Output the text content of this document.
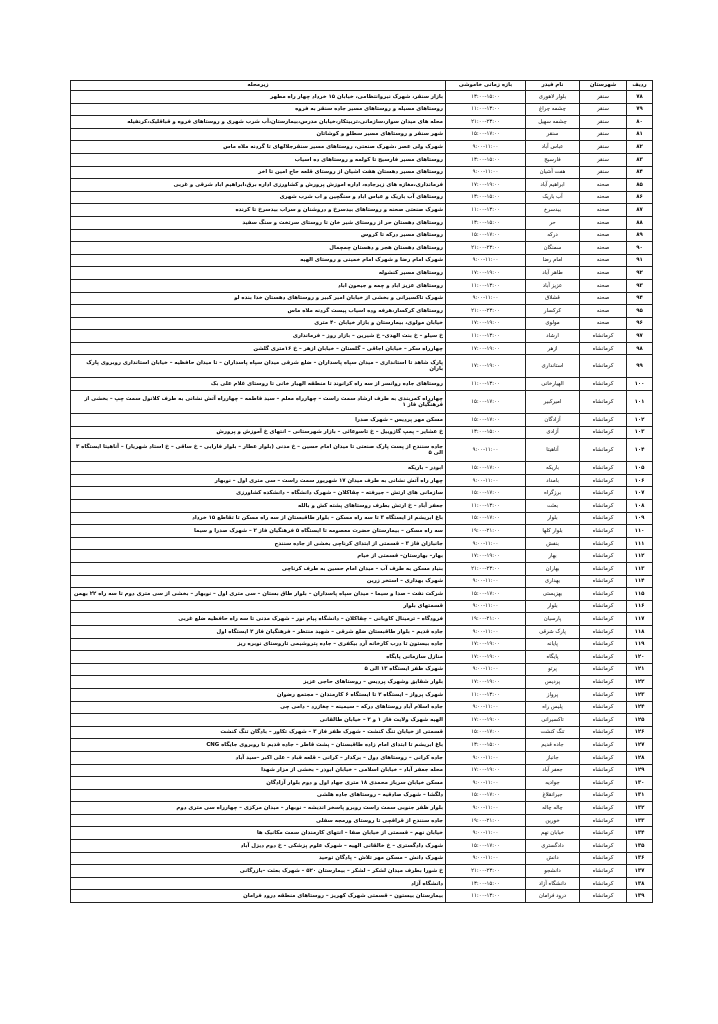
ردیف	شهرستان	نام فیدر	بازه زمانی خاموشی	زیرمحله
۷۸	سنقر	بلوار لاهوری	۱۳:۰۰-۱۵:۰۰	بازار سنقر، شهرک نیروانتظامی، خیابان ۱۵ خرداد چهار راه مطهر
۷۹	سنقر	چشمه چراغ	۱۱:۰۰-۱۳:۰۰	روستاهای مسیله و روستاهای مسیر جاده سنقر به فروه
۸۰	سنقر	چشمه سهیل	۲۱:۰۰-۲۳:۰۰	محله های میدان سوار،سازمانی،تربیتکار،خیابان مدرس،بیمارستان،آب شرب شهری و روستاهای فروه و قباقلیک،کرنفیله
۸۱	سنقر	سنقر	۱۵:۰۰-۱۷:۰۰	شهر سنقر و روستاهای مسیر سطلو و کوشاتان
۸۲	سنقر	عباس آباد	۹:۰۰-۱۱:۰۰	شهرک ولی عصر ،شهرک صنعتی، روستاهای مسیر سنقرجلالهای تا گردنه ملاه ماس
۸۳	سنقر	فارسیج	۱۳:۰۰-۱۵:۰۰	روستاهای مسیر فارسیج تا کولمه و روستاهای ده اسیاب
۸۴	سنقر	هفت آشیان	۹:۰۰-۱۱:۰۰	روستاهای مسیر دهستان هفت اشیان از روستای قلعه حاج امین تا اخر
۸۵	صحنه	ابراهیم آباد	۱۷:۰۰-۱۹:۰۰	فرمانداری،مغازه های زیرجاده، اداره اموزش پرورش و کشاورزی اداره برق،ابراهیم اباد شرقی و غربی
۸۶	صحنه	آب باریک	۱۳:۰۰-۱۵:۰۰	روستاهای آب باریک و عباس اباد و سنگچین و اب شرب شهری
۸۷	صحنه	بیدسرخ	۱۱:۰۰-۱۳:۰۰	شهرک صنعتی صحنه و روستاهای بیدسرخ و دروشنان و سراب بیدسرخ تا کرنده
۸۸	صحنه	حر	۱۳:۰۰-۱۵:۰۰	روستاهای دهستان حر از روستای شیر خان تا روستای سرتخت و سنگ سفید
۸۹	صحنه	درکه	۱۵:۰۰-۱۷:۰۰	روستاهای مسیر درکه تا کروس
۹۰	صحنه	سمنگان	۲۱:۰۰-۲۳:۰۰	روستاهای دهستان هجر و دهستان چمچمال
۹۱	صحنه	امام رضا	۹:۰۰-۱۱:۰۰	شهرک امام رضا و شهرک امام خمینی و روستای الهیه
۹۲	صحنه	طاهر آباد	۱۷:۰۰-۱۹:۰۰	روستاهای مسیر کنشوله
۹۳	صحنه	عزیز آباد	۱۱:۰۰-۱۳:۰۰	روستاهای عزیز اباد و چمه و جیحون اباد
۹۴	صحنه	قشلاق	۹:۰۰-۱۱:۰۰	شهرک تاکسیرانی و بخشی از خیابان امیر کبیر و روستاهای دهستان خدا بنده لو
۹۵	صحنه	کرکسار	۲۱:۰۰-۲۳:۰۰	روستاهای کرکسار،هرفه وده اسیاب پیست گردنه ملاه ماس
۹۶	صحنه	مولوی	۱۷:۰۰-۱۹:۰۰	خیابان مولوی، بیمارستان و بازار خیابان ۴۰ متری
۹۷	کرمانشاه	ارشاد	۱۱:۰۰-۱۳:۰۰	خ سیلو – خ بنت الهدی– خ شیرین – بازار روز – فرمانداری
۹۸	کرمانشاه	ازهر	۱۷:۰۰-۱۹:۰۰	چهارراه سکر – خیابان اجاقی – گلستان – خیابان ازهر – خ ۱۶متری گلشن
۹۹	کرمانشاه	استانداری	۱۷:۰۰-۱۹:۰۰	پارک شاهد تا استانداری – میدان سپاه پاسداران – ضلع شرقی میدان سپاه پاسداران – تا میدان حافظیه – خیابان استانداری روبروی پارک باران
۱۰۰	کرمانشاه	الهیارخانی	۱۱:۰۰-۱۳:۰۰	روستاهای جاده روانسر از سه راه کرانوند تا منطقه الهیار خانی تا روستای غلام علی بک
۱۰۱	کرمانشاه	امیرکبیر	۱۵:۰۰-۱۷:۰۰	چهارراه کمربندی به طرف ارشاد سمت راست – چهارراه معلم – سید فاطمه – چهارراه آتش نشانی به طرف کلانول سمت چپ – بخشی از فرهنگیان فاز ۱
۱۰۲	کرمانشاه	آزادگان	۱۵:۰۰-۱۷:۰۰	مسکن مهر پردیس – شهرک صدرا
۱۰۳	کرمانشاه	آزادی	۱۳:۰۰-۱۵:۰۰	خ عشایر – پمپ گازوییل – خ تاسوعائی – بازار شهرستانی – انتهای خ آموزش و پرورش
۱۰۴	کرمانشاه	آناهیتا	۹:۰۰-۱۱:۰۰	جاده سنندج از پست پارک صنعتی تا میدان امام حسین – خ مدنی (بلوار عطار – بلوار فارابی – خ ساقی – خ استاد شهریار) – آناهیتا ایستگاه ۳ الی ۵
۱۰۵	کرمانشاه	باریکه	۱۵:۰۰-۱۷:۰۰	ابوذر – باریکه
۱۰۶	کرمانشاه	بامداد	۹:۰۰-۱۱:۰۰	چهار راه آتش نشانی به طرف میدان ۱۷ شهریور سمت راست – سی متری اول – نوبهار
۱۰۷	کرمانشاه	برزگراه	۱۵:۰۰-۱۷:۰۰	سازمانی های ارتش – جیرفته – چقاکلان – شهرک دانشگاه – دانشکده کشاورزی
۱۰۸	کرمانشاه	بعثت	۱۱:۰۰-۱۳:۰۰	جعفر آباد – خ ارتش بطرف روستاهای پشته کش و بالله
۱۰۹	کرمانشاه	بلوار	۱۵:۰۰-۱۷:۰۰	باغ ابریشم از ایستگاه ۳ تا سه راه مسکن – بلوار طاقبستان از سه راه مسکن تا تقاطع ۱۵ خرداد
۱۱۰	کرمانشاه	بلوار کلها	۱۹:۰۰-۲۱:۰۰	سه راه مسکن – بیمارستان حضرت معصومه تا ایستگاه ۵ فرهنگیان فاز ۲ – شهرک صدرا و سیما
۱۱۱	کرمانشاه	بنفش	۹:۰۰-۱۱:۰۰	جانبازان فاز ۳ – قسمتی از ابتدای کرناچی بخشی از جاده سنندج
۱۱۲	کرمانشاه	بهار	۱۷:۰۰-۱۹:۰۰	بهار– بهارستان– قسمتی از خیام
۱۱۳	کرمانشاه	بهاران	۲۱:۰۰-۲۳:۰۰	بنیاد مسکن به طرف آب – میدان امام حسین به طرف کرناچی
۱۱۴	کرمانشاه	بهداری	۹:۰۰-۱۱:۰۰	شهرک بهداری – استخر زرین
۱۱۵	کرمانشاه	بهزیستی	۱۵:۰۰-۱۷:۰۰	شرکت نفت – صدا و سیما – میدان سپاه پاسداران – بلوار طاق بستان – سی متری اول – نوبهار – بخشی از سی متری دوم تا سه راه ۲۲ بهمن
۱۱۶	کرمانشاه	بلوار	۹:۰۰-۱۱:۰۰	قسمتهای بلوار
۱۱۷	کرمانشاه	پارسیان	۱۹:۰۰-۲۱:۰۰	فرودگاه – ترمینال کاوبانی – چقاکلان – دانشگاه پیام نور – شهرک مدنی تا سه راه حافظیه ضلع غربی
۱۱۸	کرمانشاه	پارک شرقی	۹:۰۰-۱۱:۰۰	جاده قدیم – بلوار طاقبستان ضلع شرقی – شهید منتظر – فرهنگیان فاز ۲ ایستگاه اول
۱۱۹	کرمانشاه	پایانه	۱۷:۰۰-۱۹:۰۰	جاده بیستون تا درب کارخانه آرد بیکفری – جاده پتروشیمی تاروستای نوبره ریز
۱۲۰	کرمانشاه	پایگاه	۱۷:۰۰-۱۹:۰۰	منازل سازمانی پایگاه
۱۲۱	کرمانشاه	پرتو	۹:۰۰-۱۱:۰۰	شهرک ظفر ایستگاه ۱۳ الی ۵
۱۲۲	کرمانشاه	پردیس	۱۷:۰۰-۱۹:۰۰	بلوار شقایق وشهرک پردیس – روستاهای حاجی عزیز
۱۲۳	کرمانشاه	پرواز	۱۱:۰۰-۱۳:۰۰	شهرک پرواز – ایستگاه ۲ تا ایستگاه ۶ کارمندان – مجتمع رضوان
۱۲۴	کرمانشاه	پلیس راه	۹:۰۰-۱۱:۰۰	جاده اسلام آباد روستاهای درکه – سیمینه – چغازرد – دامی چی
۱۲۵	کرمانشاه	تاکسیرانی	۱۷:۰۰-۱۹:۰۰	الهیه شهرک ولایت فاز ۱ و ۲ – خیابان طالقانی
۱۲۶	کرمانشاه	تنگ کنشت	۱۵:۰۰-۱۷:۰۰	قسمتی از خیابان تنگ کنشت – شهرک ظفر فاز ۳ – شهرک تکاور – بادگان تنگ کنشت
۱۲۷	کرمانشاه	جاده قدیم	۱۳:۰۰-۱۵:۰۰	باغ ابریشم تا ابتدای امام زاده طاقبستان – پشت قاطر – جاده قدیم تا روبروی جایگاه CNG
۱۲۸	کرمانشاه	جانباز	۹:۰۰-۱۱:۰۰	جاده کرانی – روستاهای دول – برکدار – کرانی – قلعه قباد – علی اکبر –سید آباد
۱۲۹	کرمانشاه	جعفر آباد	۱۷:۰۰-۱۹:۰۰	محله جعفر آباد – خیابان اسلامی – خیابان ابوذر – بخشی از مزار شهدا
۱۳۰	کرمانشاه	جوادیه	۹:۰۰-۱۱:۰۰	مسکن خیابان سرباز محمدی ۱۸ متری جهاد اول و دوم بلوار آزادگان
۱۳۱	کرمانشاه	جیرانقلاغ	۱۵:۰۰-۱۷:۰۰	دلگشا – شهرک صادقیه – روستاهای جاده هلشی
۱۳۲	کرمانشاه	چاله چاله	۹:۰۰-۱۱:۰۰	بلوار ظفر جنوبی سمت راست روبرو پاسخر اندیشه – نوبهار – میدان مرکزی – چهارراه سی متری دوم
۱۳۳	کرمانشاه	خورین	۱۹:۰۰-۲۱:۰۰	جاده سنندج از قراقچی تا روستای ورمجه سفلی
۱۳۴	کرمانشاه	خیابان نهم	۹:۰۰-۱۱:۰۰	خیابان نهم – قسمتی از خیابان صفا – انتهای کارمندان سمت مکانیک ها
۱۳۵	کرمانشاه	دادگستری	۱۵:۰۰-۱۷:۰۰	شهرک دادگستری – خ خالقانی الهیه – شهرک علوم پزشکی – خ دوم دیزل آباد
۱۳۶	کرمانشاه	دانش	۹:۰۰-۱۱:۰۰	شهرک دانش – مسکن مهر تلاش – پادگان توحید
۱۳۷	کرمانشاه	دانشجو	۲۱:۰۰-۲۳:۰۰	خ شورا بطرف میدان لشکر – لشکر – بیمارستان ۵۲۰ – شهرک بعثت –بازرگانی
۱۳۸	کرمانشاه	دانشگاه آزاد	۱۳:۰۰-۱۵:۰۰	دانشگاه آزاد
۱۳۹	کرمانشاه	درود فرامان	۱۱:۰۰-۱۳:۰۰	بیمارستان بیستون – قسمتی شهرک کهریز – روستاهای منطقه درود فرامان
